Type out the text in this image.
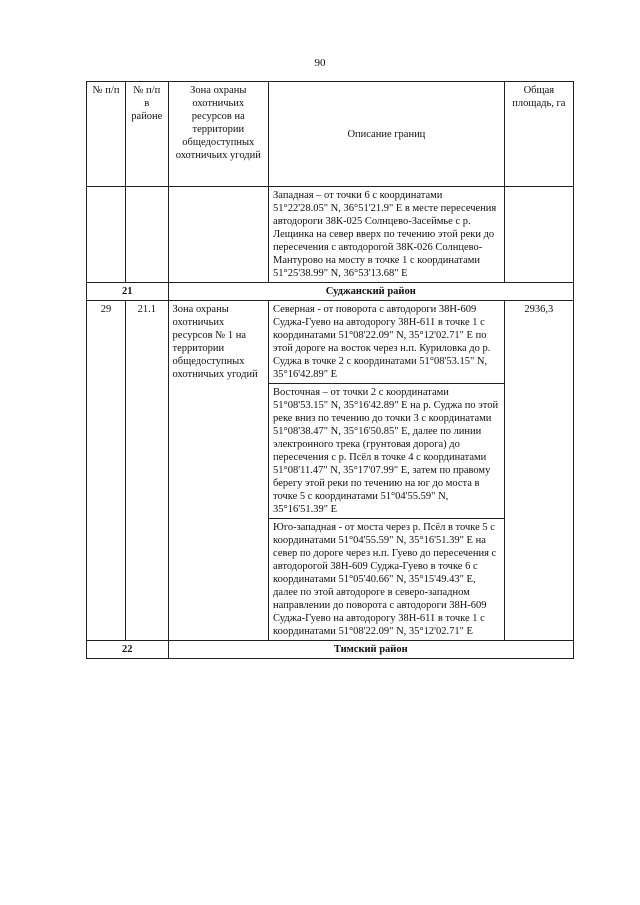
90
№ п/п	№ п/п в районе	Зона охраны охотничьих ресурсов на территории общедоступных охотничьих угодий	Описание границ	Общая площадь, га
			Западная – от точки 6 с координатами 51°22'28.05" N, 36°51'21.9" E в месте пересечения автодороги 38К-025 Солнцево-Засеймье с р. Лещинка на север вверх по течению этой реки до пересечения с автодорогой 38К-026 Солнцево-Мантурово на мосту в точке 1 с координатами 51°25'38.99" N, 36°53'13.68" E	
21		Суджанский район		
29	21.1	Зона охраны охотничьих ресурсов № 1 на территории общедоступных охотничьих угодий	Северная - от поворота с автодороги 38Н-609 Суджа-Гуево на автодорогу 38Н-611 в точке 1 с координатами 51°08'22.09" N, 35°12'02.71" E по этой дороге на восток через н.п. Куриловка до р. Суджа в точке 2 с координатами 51°08'53.15" N, 35°16'42.89" E	2936,3
			Восточная – от точки 2 с координатами 51°08'53.15" N, 35°16'42.89" E на р. Суджа по этой реке вниз по течению до точки 3 с координатами 51°08'38.47" N, 35°16'50.85" E, далее по линии электронного трека (грунтовая дорога) до пересечения с р. Псёл в точке 4 с координатами 51°08'11.47" N, 35°17'07.99" E, затем по правому берегу этой реки по течению на юг до моста в точке 5 с координатами 51°04'55.59" N, 35°16'51.39" E	
			Юго-западная - от моста через р. Псёл в точке 5 с координатами 51°04'55.59" N, 35°16'51.39" E на север по дороге через н.п. Гуево до пересечения с автодорогой 38Н-609 Суджа-Гуево в точке 6 с координатами 51°05'40.66" N, 35°15'49.43" E, далее по этой автодороге в северо-западном направлении до поворота с автодороги 38Н-609 Суджа-Гуево на автодорогу 38Н-611 в точке 1 с координатами 51°08'22.09" N, 35°12'02.71" E	
22		Тимский район		
